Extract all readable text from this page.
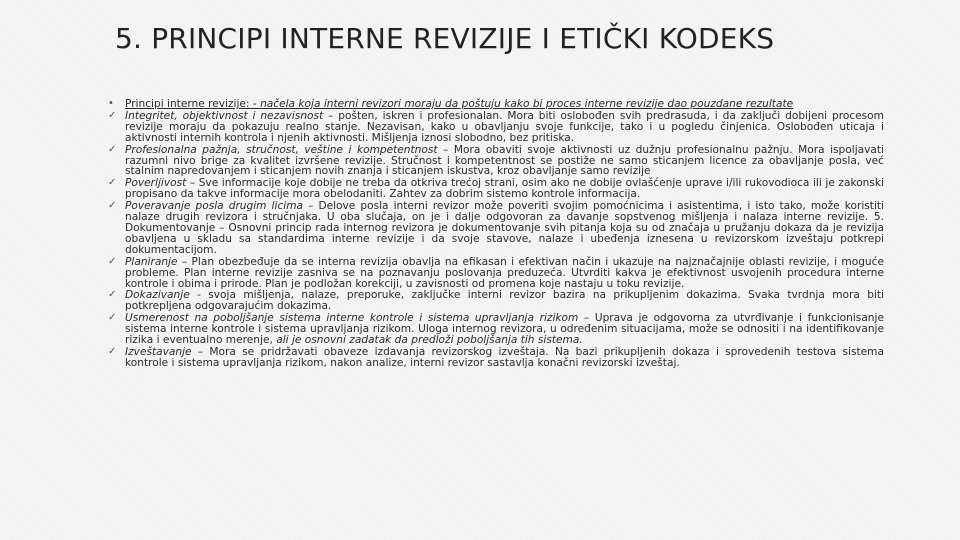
5. PRINCIPI INTERNE REVIZIJE I ETIČKI KODEKS
• Principi interne revizije: - načela koja interni revizori moraju da poštuju kako bi proces interne revizije dao pouzdane rezultate
✓ Integritet, objektivnost i nezavisnost – pošten, iskren i profesionalan. Mora biti oslobođen svih predrasuda, i da zaključi dobijeni procesom revizije moraju da pokazuju realno stanje. Nezavisan, kako u obavljanju svoje funkcije, tako i u pogledu činjenica. Oslobođen uticaja i aktivnosti internih kontrola i njenih aktivnosti. Mišljenja iznosi slobodno, bez pritiska.
✓ Profesionalna pažnja, stručnost, veštine i kompetentnost – Mora obaviti svoje aktivnosti uz dužnju profesionalnu pažnju. Mora ispoljavati razumni nivo brige za kvalitet izvršene revizije. Stručnost i kompetentnost se postiže ne samo sticanjem licence za obavljanje posla, već stalnim napredovanjem i sticanjem novih znanja i sticanjem iskustva, kroz obavljanje samo revizije
✓ Poverljivost – Sve informacije koje dobije ne treba da otkriva trećoj strani, osim ako ne dobije ovlašćenje uprave i/ili rukovodioca ili je zakonski propisano da takve informacije mora obelodaniti. Zahtev za dobrim sistemo kontrole informacija.
✓ Poveravanje posla drugim licima – Delove posla interni revizor može poveriti svojim pomoćnicima i asistentima, i isto tako, može koristiti nalaze drugih revizora i stručnjaka. U oba slučaja, on je i dalje odgovoran za davanje sopstvenog mišljenja i nalaza interne revizije. 5. Dokumentovanje – Osnovni princip rada internog revizora je dokumentovanje svih pitanja koja su od značaja u pružanju dokaza da je revizija obavljena u skladu sa standardima interne revizije i da svoje stavove, nalaze i ubeđenja iznesena u revizorskom izveštaju potkrepi dokumentacijom.
✓ Planiranje – Plan obezbeđuje da se interna revizija obavlja na efikasan i efektivan način i ukazuje na najznačajnije oblasti revizije, i moguće probleme. Plan interne revizije zasniva se na poznavanju poslovanja preduzeća. Utvrditi kakva je efektivnost usvojenih procedura interne kontrole i obima i prirode. Plan je podložan korekciji, u zavisnosti od promena koje nastaju u toku revizije.
✓ Dokazivanje - svoja mišljenja, nalaze, preporuke, zaključke interni revizor bazira na prikupljenim dokazima. Svaka tvrdnja mora biti potkrepljena odgovarajućim dokazima.
✓ Usmerenost na poboljšanje sistema interne kontrole i sistema upravljanja rizikom – Uprava je odgovorna za utvrđivanje i funkcionisanje sistema interne kontrole i sistema upravljanja rizikom. Uloga internog revizora, u određenim situacijama, može se odnositi i na identifikovanje rizika i eventualno merenje, ali je osnovni zadatak da predloži poboljšanja tih sistema.
✓ Izveštavanje – Mora se pridržavati obaveze izdavanja revizorskog izveštaja. Na bazi prikupljenih dokaza i sprovedenih testova sistema kontrole i sistema upravljanja rizikom, nakon analize, interni revizor sastavlja konačni revizorski izveštaj.
